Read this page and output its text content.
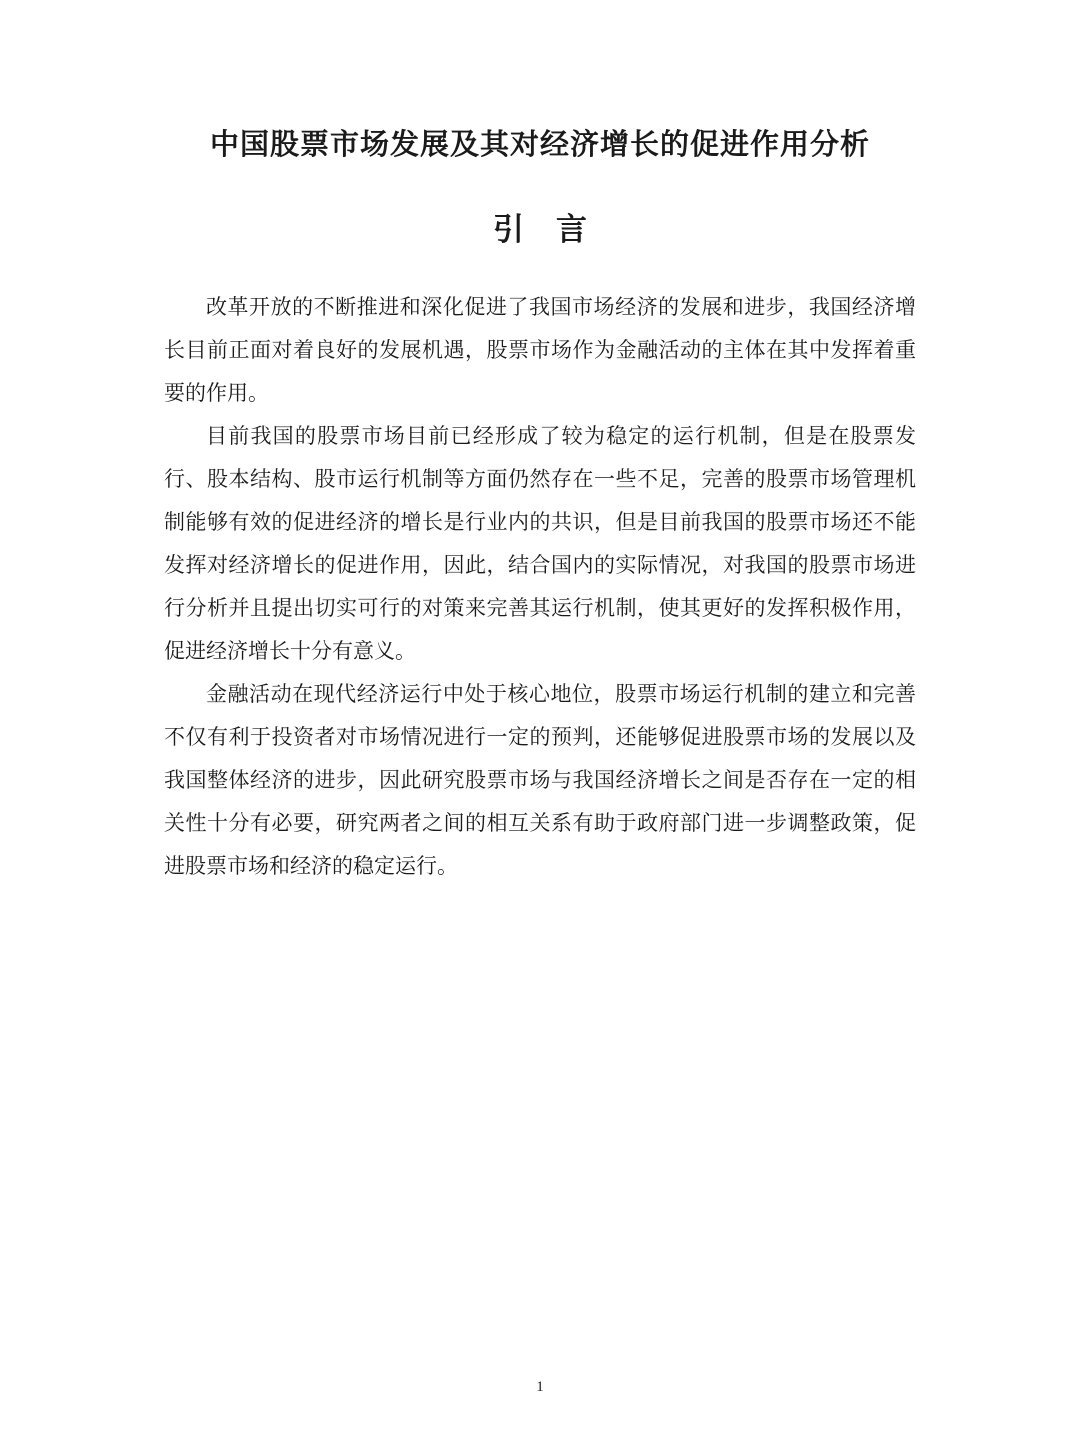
中国股票市场发展及其对经济增长的促进作用分析
引言

改革开放的不断推进和深化促进了我国市场经济的发展和进步，我国经济增长目前正面对着良好的发展机遇，股票市场作为金融活动的主体在其中发挥着重要的作用。

目前我国的股票市场目前已经形成了较为稳定的运行机制，但是在股票发行、股本结构、股市运行机制等方面仍然存在一些不足，完善的股票市场管理机制能够有效的促进经济的增长是行业内的共识，但是目前我国的股票市场还不能发挥对经济增长的促进作用，因此，结合国内的实际情况，对我国的股票市场进行分析并且提出切实可行的对策来完善其运行机制，使其更好的发挥积极作用，促进经济增长十分有意义。

金融活动在现代经济运行中处于核心地位，股票市场运行机制的建立和完善不仅有利于投资者对市场情况进行一定的预判，还能够促进股票市场的发展以及我国整体经济的进步，因此研究股票市场与我国经济增长之间是否存在一定的相关性十分有必要，研究两者之间的相互关系有助于政府部门进一步调整政策，促进股票市场和经济的稳定运行。

1
